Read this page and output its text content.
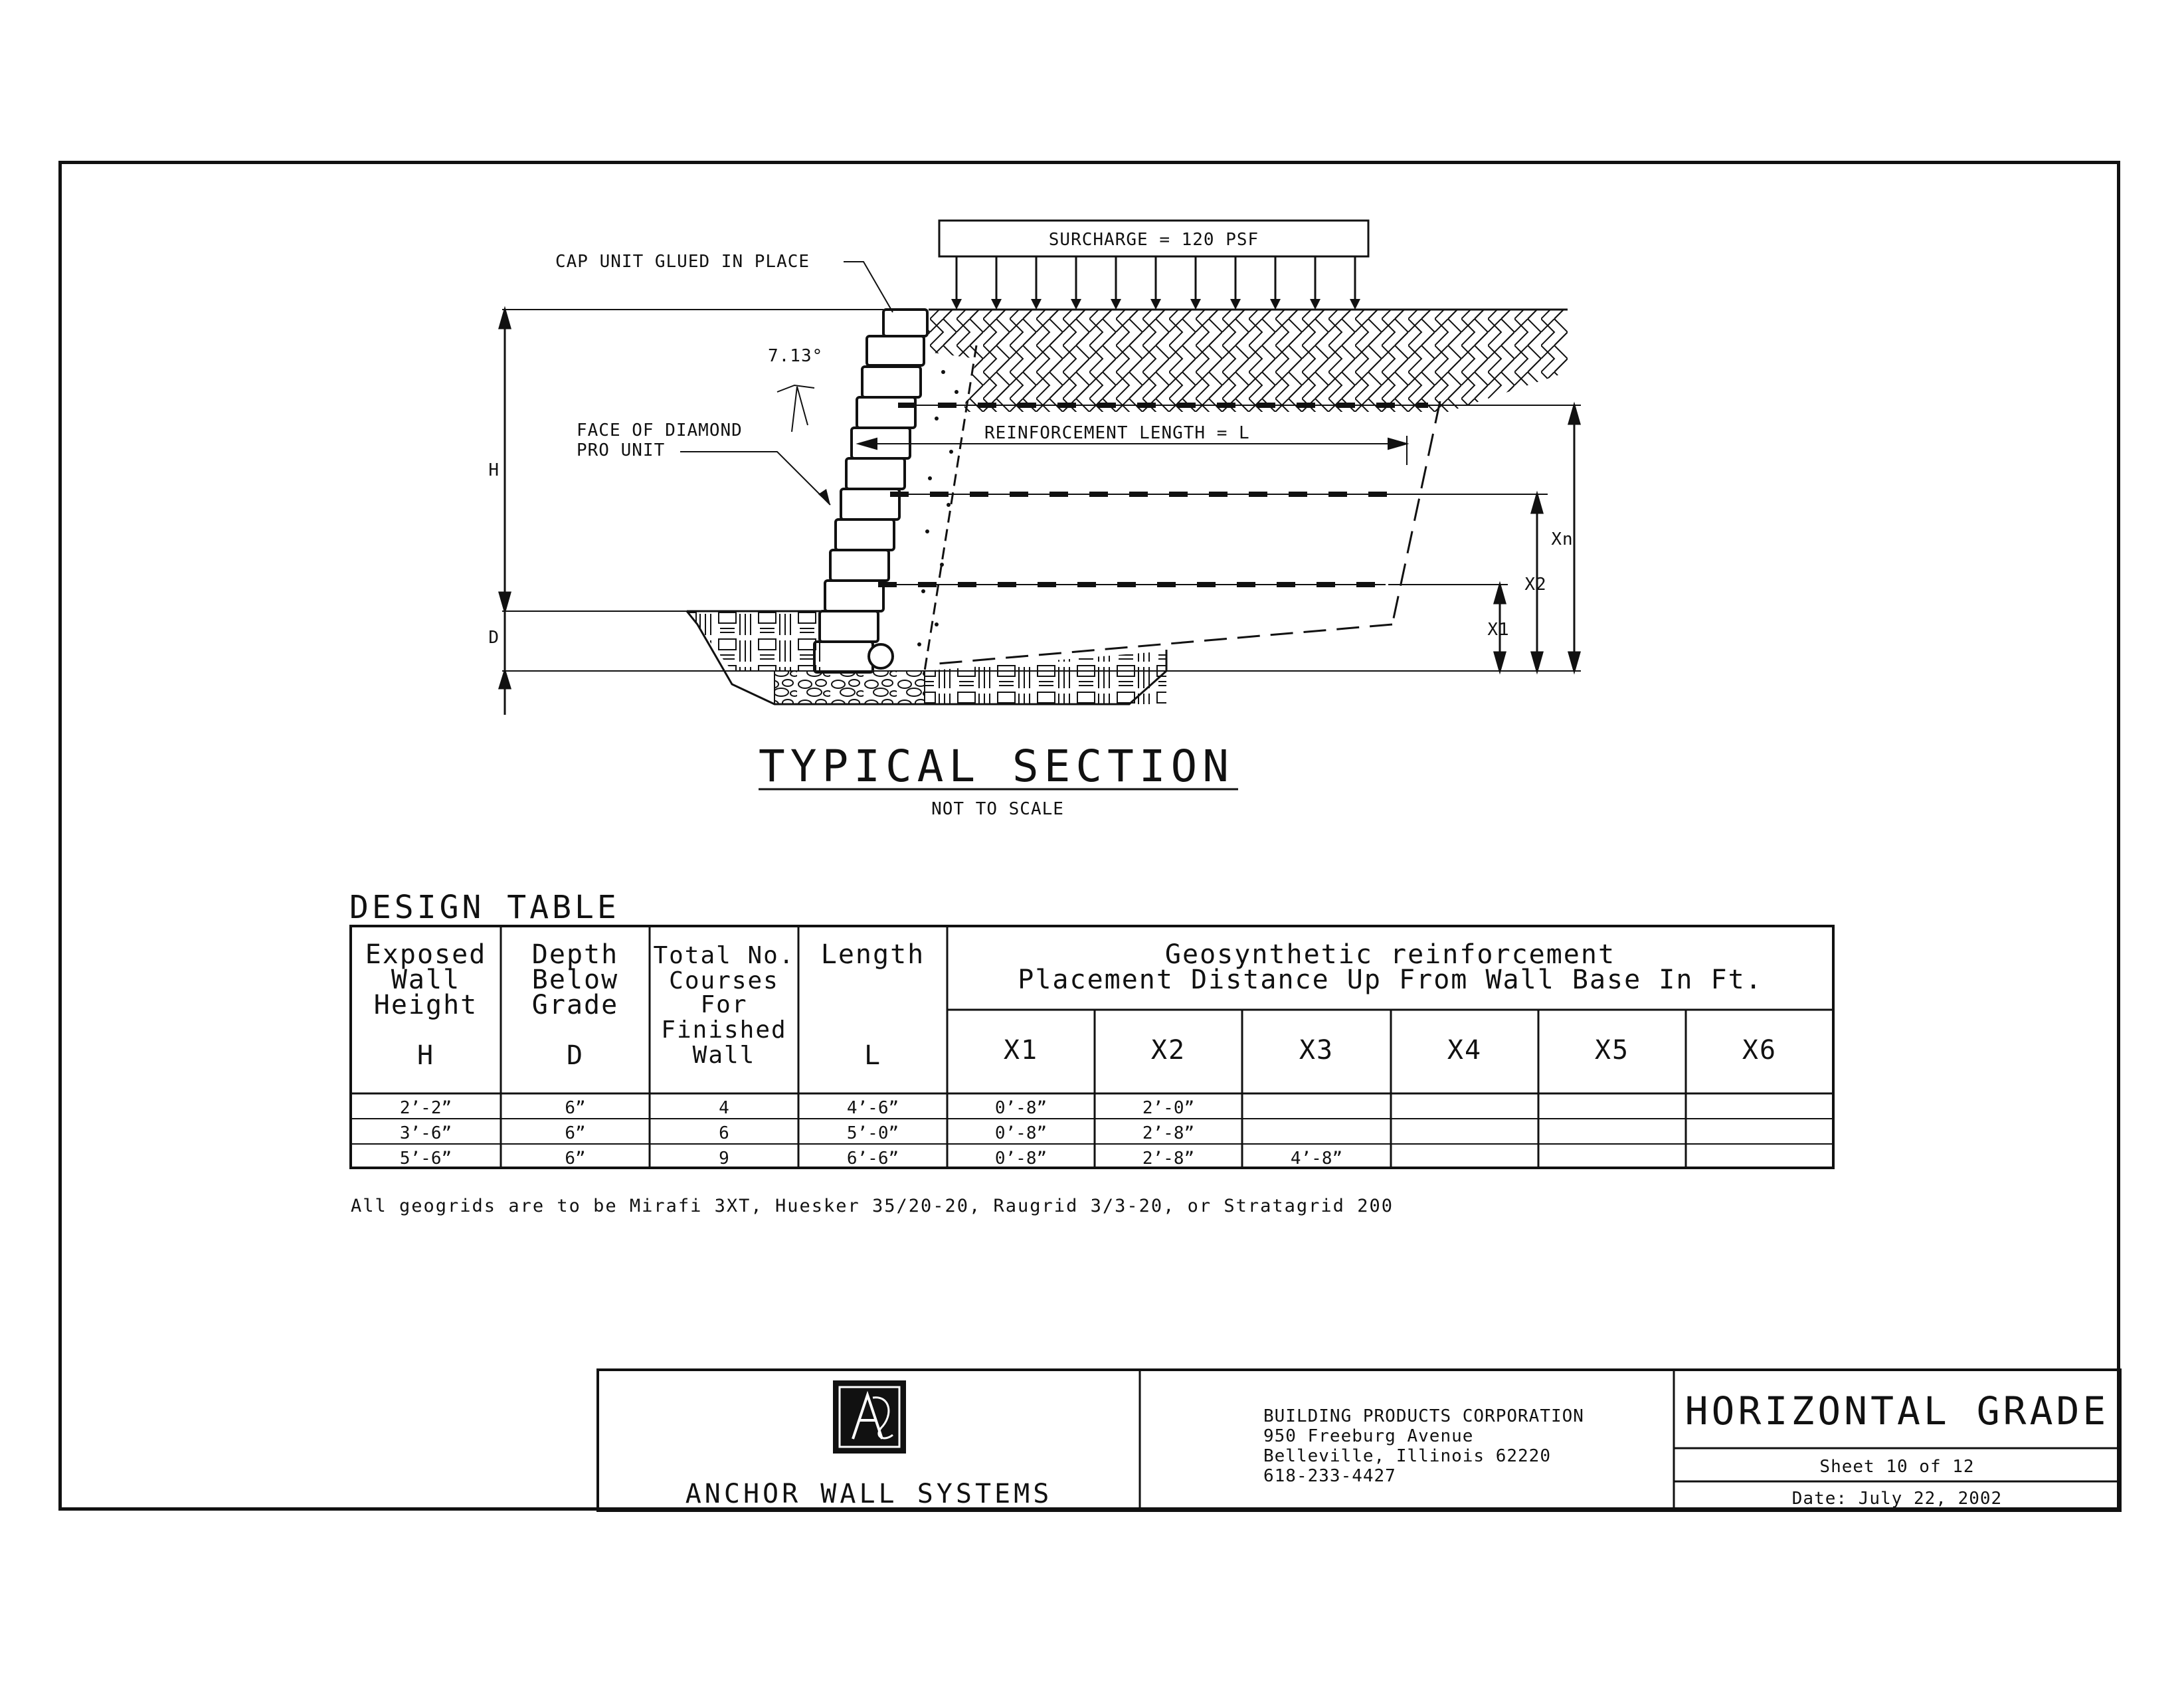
SURCHARGE = 120 PSF
REINFORCEMENT LENGTH = L
H
D
Xn
X2
X1
CAP UNIT GLUED IN PLACE
7.13°
FACE OF DIAMOND
PRO UNIT
TYPICAL SECTION
NOT TO SCALE
DESIGN TABLE
Exposed
Wall
Height
H
Depth
Below
Grade
D
Total No.
Courses
For
Finished
Wall
Length
L
Geosynthetic reinforcement
Placement Distance Up From Wall Base In Ft.
X1	X2	X3	X4	X5	X6
2’-2”	6”	4	4’-6”	0’-8”	2’-0”
3’-6”	6”	6	5’-0”	0’-8”	2’-8”
5’-6”	6”	9	6’-6”	0’-8”	2’-8”	4’-8”
ANCHOR WALL SYSTEMS
BUILDING PRODUCTS CORPORATION
950 Freeburg Avenue
Belleville, Illinois 62220
618-233-4427
HORIZONTAL GRADE
Sheet 10 of 12
Date: July 22, 2002
All geogrids are to be Mirafi 3XT, Huesker 35/20-20, Raugrid 3/3-20, or Stratagrid 200
